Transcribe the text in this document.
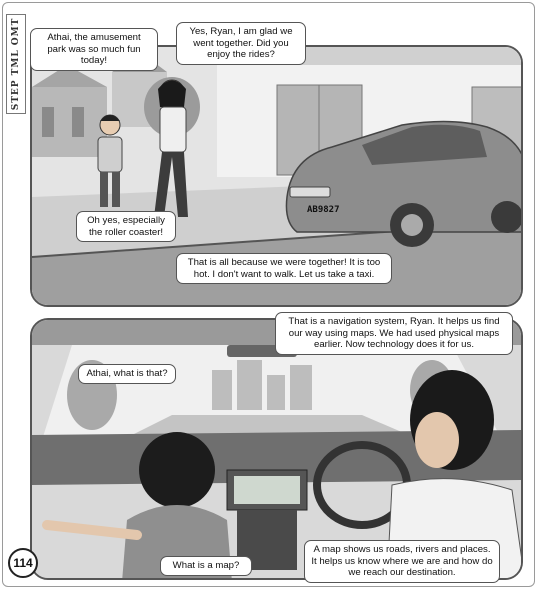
STEP TML OMT
AB9827
Athai, the amusement park was so much fun today!
Yes, Ryan, I am glad we went together. Did you enjoy the rides?
Oh yes, especially the roller coaster!
That is all because we were together! It is too hot. I don't want to walk. Let us take a taxi.
That is a navigation system, Ryan. It helps us find our way using maps. We had used physical maps earlier. Now technology does it for us.
Athai, what is that?
What is a map?
A map shows us roads, rivers and places. It helps us know where we are and how do we reach our destination.
114
